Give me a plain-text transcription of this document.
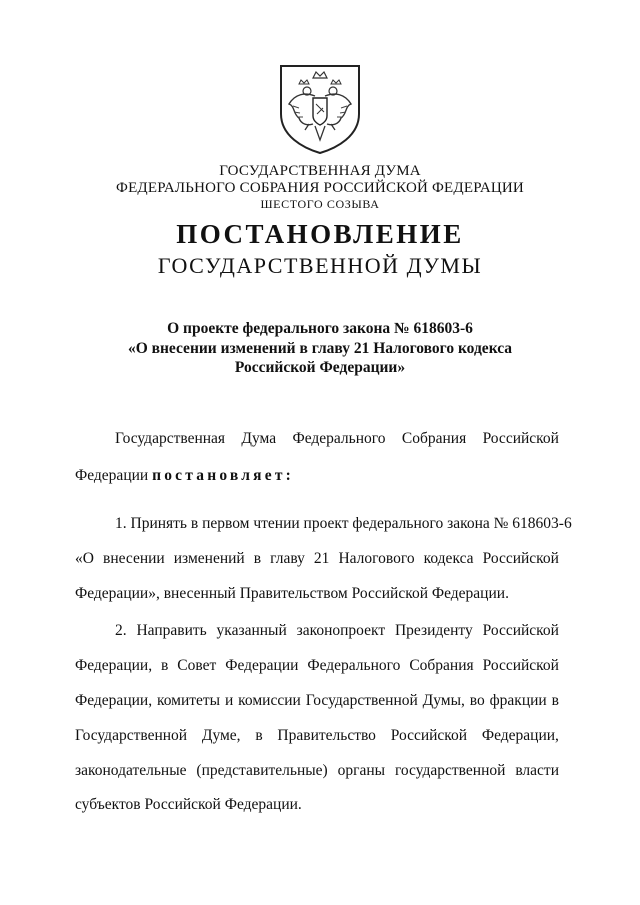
ГОСУДАРСТВЕННАЯ ДУМА
ФЕДЕРАЛЬНОГО СОБРАНИЯ РОССИЙСКОЙ ФЕДЕРАЦИИ
ШЕСТОГО СОЗЫВА
ПОСТАНОВЛЕНИЕ
ГОСУДАРСТВЕННОЙ ДУМЫ
О проекте федерального закона № 618603-6
«О внесении изменений в главу 21 Налогового кодекса
Российской Федерации»
Государственная Дума Федерального Собрания Российской
Федерации постановляет:
1. Принять в первом чтении проект федерального закона № 618603-6
«О внесении изменений в главу 21 Налогового кодекса Российской
Федерации», внесенный Правительством Российской Федерации.
2. Направить указанный законопроект Президенту Российской
Федерации, в Совет Федерации Федерального Собрания Российской
Федерации, комитеты и комиссии Государственной Думы, во фракции в
Государственной Думе, в Правительство Российской Федерации,
законодательные (представительные) органы государственной власти
субъектов Российской Федерации.
